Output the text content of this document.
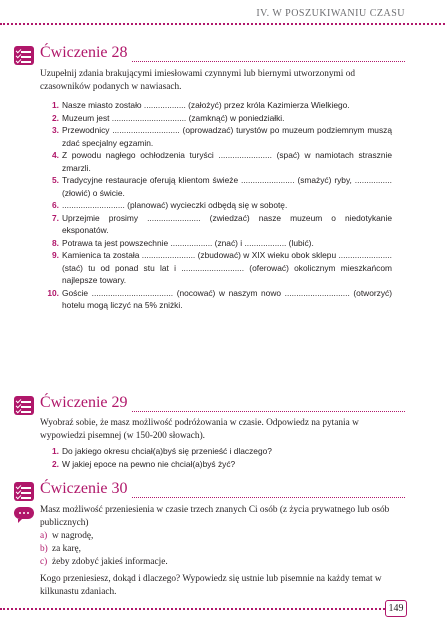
IV. W POSZUKIWANIU CZASU
Ćwiczenie 28
Uzupełnij zdania brakującymi imiesłowami czynnymi lub biernymi utworzonymi od czasowników podanych w nawiasach.
1. Nasze miasto zostało .................. (założyć) przez króla Kazimierza Wielkiego.
2. Muzeum jest ................................ (zamknąć) w poniedziałki.
3. Przewodnicy ............................. (oprowadzać) turystów po muzeum podziemnym muszą zdać specjalny egzamin.
4. Z powodu nagłego ochłodzenia turyści ....................... (spać) w namiotach strasznie zmarzli.
5. Tradycyjne restauracje oferują klientom świeże ....................... (smażyć) ryby, ................ (złowić) o świcie.
6. ........................... (planować) wycieczki odbędą się w sobotę.
7. Uprzejmie prosimy ....................... (zwiedzać) nasze muzeum o niedotykanie eksponatów.
8. Potrawa ta jest powszechnie .................. (znać) i .................. (lubić).
9. Kamienica ta została ....................... (zbudować) w XIX wieku obok sklepu ....................... (stać) tu od ponad stu lat i ........................... (oferować) okolicznym mieszkańcom najlepsze towary.
10. Goście ................................... (nocować) w naszym nowo ............................ (otworzyć) hotelu mogą liczyć na 5% zniżki.
Ćwiczenie 29
Wyobraź sobie, że masz możliwość podróżowania w czasie. Odpowiedz na pytania w wypowiedzi pisemnej (w 150-200 słowach).
1. Do jakiego okresu chciał(a)byś się przenieść i dlaczego?
2. W jakiej epoce na pewno nie chciał(a)byś żyć?
Ćwiczenie 30
Masz możliwość przeniesienia w czasie trzech znanych Ci osób (z życia prywatnego lub osób publicznych)
a) w nagrodę,
b) za karę,
c) żeby zdobyć jakieś informacje.
Kogo przeniesiesz, dokąd i dlaczego? Wypowiedz się ustnie lub pisemnie na każdy temat w kilkunastu zdaniach.
149
